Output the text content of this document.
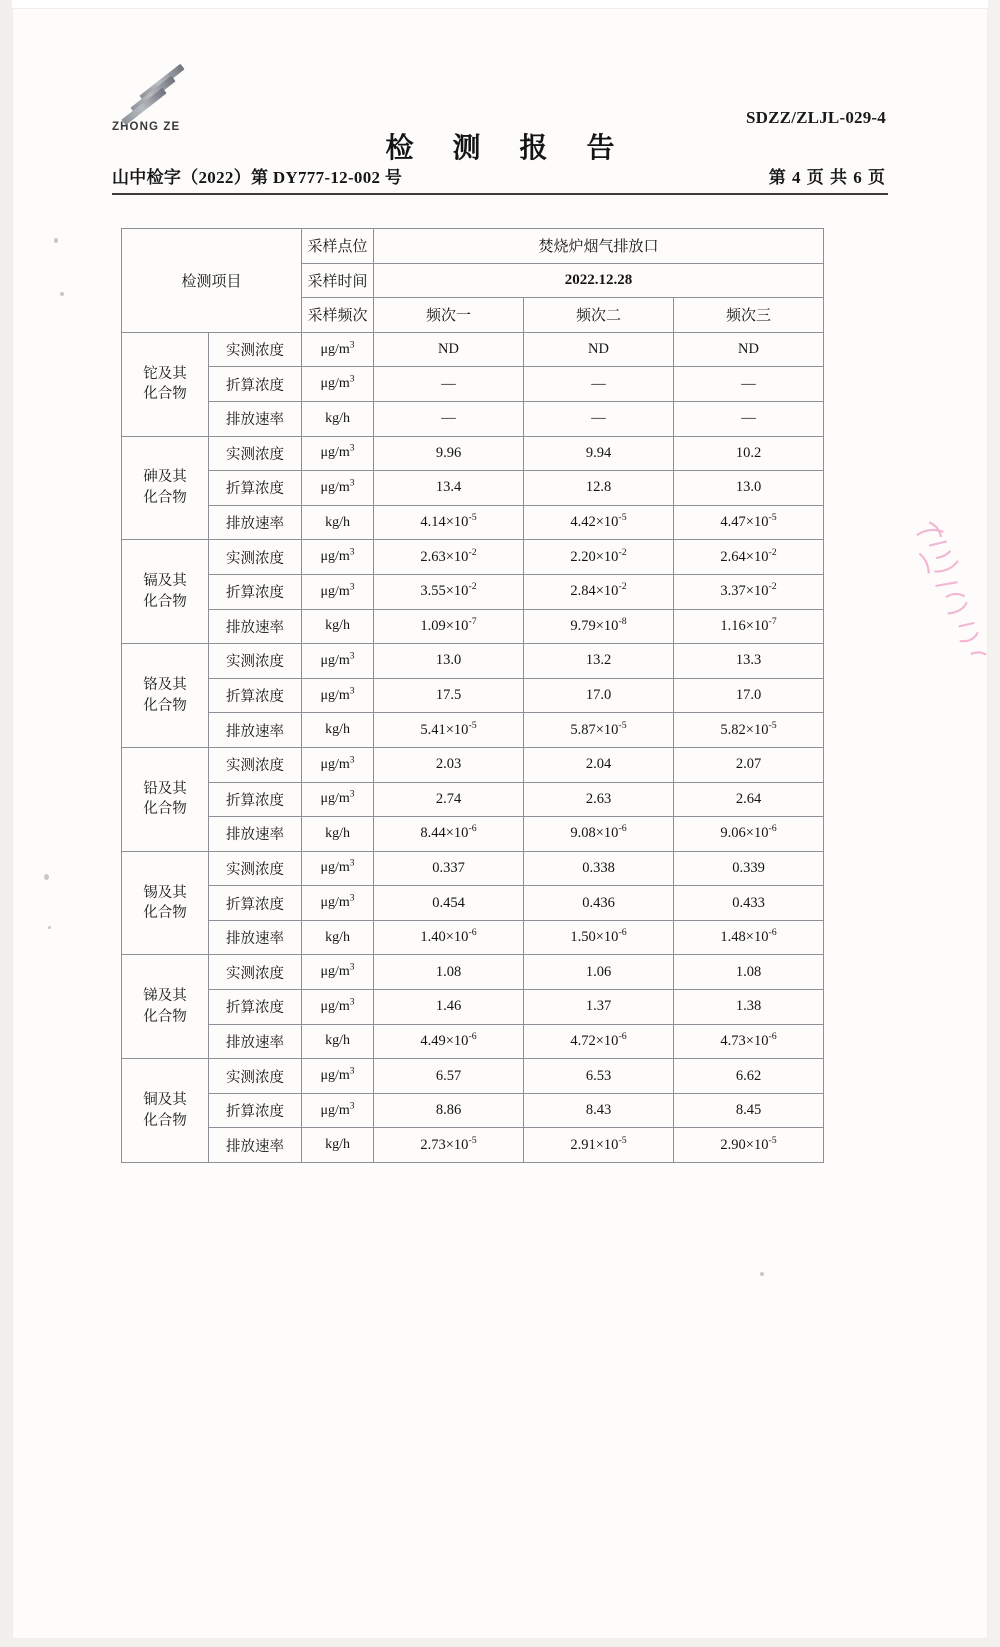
ZHONG ZE	SDZZ/ZLJL-029-4
检 测 报 告
山中检字（2022）第 DY777-12-002 号	第 4 页 共 6 页
检测项目		采样点位	焚烧炉烟气排放口		
		采样时间	2022.12.28		
		采样频次	频次一	频次二	频次三
铊及其
化合物	实测浓度	$\mu g/m^3$	ND	ND	ND
	折算浓度	$\mu g/m^3$	—	—	—
	排放速率	kg/h	—	—	—
砷及其
化合物	实测浓度	$\mu g/m^3$	9.96	9.94	10.2
	折算浓度	$\mu g/m^3$	13.4	12.8	13.0
	排放速率	kg/h	$4.14\times 10^{-5}$	$4.42\times 10^{-5}$	$4.47\times 10^{-5}$
镉及其
化合物	实测浓度	$\mu g/m^3$	$2.63\times 10^{-2}$	$2.20\times 10^{-2}$	$2.64\times 10^{-2}$
	折算浓度	$\mu g/m^3$	$3.55\times 10^{-2}$	$2.84\times 10^{-2}$	$3.37\times 10^{-2}$
	排放速率	kg/h	$1.09\times 10^{-7}$	$9.79\times 10^{-8}$	$1.16\times 10^{-7}$
铬及其
化合物	实测浓度	$\mu g/m^3$	13.0	13.2	13.3
	折算浓度	$\mu g/m^3$	17.5	17.0	17.0
	排放速率	kg/h	$5.41\times 10^{-5}$	$5.87\times 10^{-5}$	$5.82\times 10^{-5}$
铅及其
化合物	实测浓度	$\mu g/m^3$	2.03	2.04	2.07
	折算浓度	$\mu g/m^3$	2.74	2.63	2.64
	排放速率	kg/h	$8.44\times 10^{-6}$	$9.08\times 10^{-6}$	$9.06\times 10^{-6}$
锡及其
化合物	实测浓度	$\mu g/m^3$	0.337	0.338	0.339
	折算浓度	$\mu g/m^3$	0.454	0.436	0.433
	排放速率	kg/h	$1.40\times 10^{-6}$	$1.50\times 10^{-6}$	$1.48\times 10^{-6}$
锑及其
化合物	实测浓度	$\mu g/m^3$	1.08	1.06	1.08
	折算浓度	$\mu g/m^3$	1.46	1.37	1.38
	排放速率	kg/h	$4.49\times 10^{-6}$	$4.72\times 10^{-6}$	$4.73\times 10^{-6}$
铜及其
化合物	实测浓度	$\mu g/m^3$	6.57	6.53	6.62
	折算浓度	$\mu g/m^3$	8.86	8.43	8.45
	排放速率	kg/h	$2.73\times 10^{-5}$	$2.91\times 10^{-5}$	$2.90\times 10^{-5}$
